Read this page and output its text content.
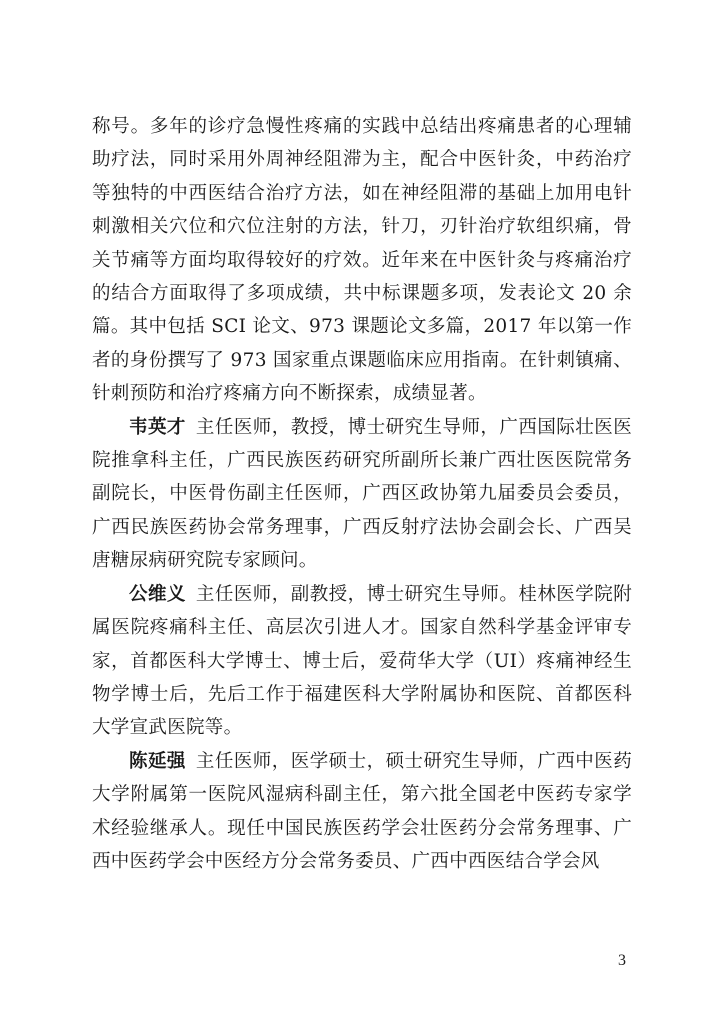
称号。多年的诊疗急慢性疼痛的实践中总结出疼痛患者的心理辅助疗法，同时采用外周神经阻滞为主，配合中医针灸，中药治疗等独特的中西医结合治疗方法，如在神经阻滞的基础上加用电针刺激相关穴位和穴位注射的方法，针刀，刃针治疗软组织痛，骨关节痛等方面均取得较好的疗效。近年来在中医针灸与疼痛治疗的结合方面取得了多项成绩，共中标课题多项，发表论文 20 余篇。其中包括 SCI 论文、973 课题论文多篇，2017 年以第一作者的身份撰写了 973 国家重点课题临床应用指南。在针刺镇痛、针刺预防和治疗疼痛方向不断探索，成绩显著。

韦英才 主任医师，教授，博士研究生导师，广西国际壮医医院推拿科主任，广西民族医药研究所副所长兼广西壮医医院常务副院长，中医骨伤副主任医师，广西区政协第九届委员会委员，广西民族医药协会常务理事，广西反射疗法协会副会长、广西吴唐糖尿病研究院专家顾问。

公维义 主任医师，副教授，博士研究生导师。桂林医学院附属医院疼痛科主任、高层次引进人才。国家自然科学基金评审专家，首都医科大学博士、博士后，爱荷华大学（UI）疼痛神经生物学博士后，先后工作于福建医科大学附属协和医院、首都医科大学宣武医院等。

陈延强 主任医师，医学硕士，硕士研究生导师，广西中医药大学附属第一医院风湿病科副主任，第六批全国老中医药专家学术经验继承人。现任中国民族医药学会壮医药分会常务理事、广西中医药学会中医经方分会常务委员、广西中西医结合学会风

3
